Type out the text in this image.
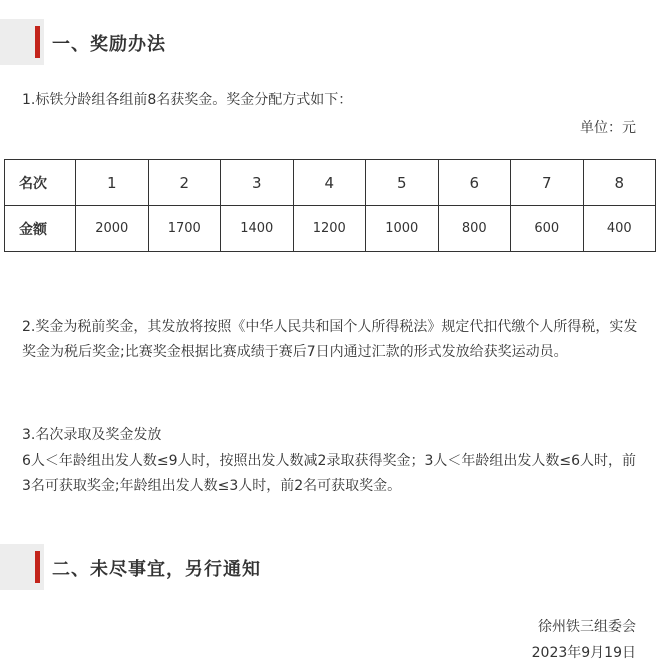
一、奖励办法
1.标铁分龄组各组前8名获奖金。奖金分配方式如下：
单位：元
名次	1	2	3	4	5	6	7	8
金额	2000	1700	1400	1200	1000	800	600	400
2.奖金为税前奖金，其发放将按照《中华人民共和国个人所得税法》规定代扣代缴个人所得税，实发奖金为税后奖金;比赛奖金根据比赛成绩于赛后7日内通过汇款的形式发放给获奖运动员。
3.名次录取及奖金发放
6人＜年龄组出发人数≤9人时，按照出发人数减2录取获得奖金；3人＜年龄组出发人数≤6人时，前3名可获取奖金;年龄组出发人数≤3人时，前2名可获取奖金。
二、未尽事宜，另行通知
徐州铁三组委会
2023年9月19日
